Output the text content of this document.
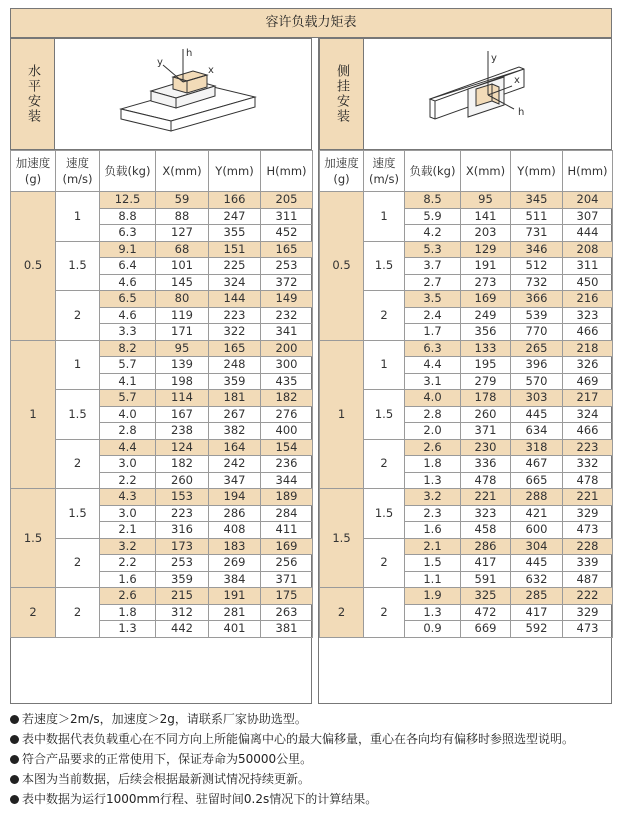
容许负载力矩表
水平安装
h
x
y
侧挂安装
y
x
h
加速度(g)	速度(m/s)	负载(kg)	X(mm)	Y(mm)	H(mm)
0.5	1	12.5	59	166	205
		8.8	88	247	311
		6.3	127	355	452
	1.5	9.1	68	151	165
		6.4	101	225	253
		4.6	145	324	372
	2	6.5	80	144	149
		4.6	119	223	232
		3.3	171	322	341
1	1	8.2	95	165	200
		5.7	139	248	300
		4.1	198	359	435
	1.5	5.7	114	181	182
		4.0	167	267	276
		2.8	238	382	400
	2	4.4	124	164	154
		3.0	182	242	236
		2.2	260	347	344
1.5	1.5	4.3	153	194	189
		3.0	223	286	284
		2.1	316	408	411
	2	3.2	173	183	169
		2.2	253	269	256
		1.6	359	384	371
2	2	2.6	215	191	175
		1.8	312	281	263
		1.3	442	401	381
加速度(g)	速度(m/s)	负载(kg)	X(mm)	Y(mm)	H(mm)
0.5	1	8.5	95	345	204
		5.9	141	511	307
		4.2	203	731	444
	1.5	5.3	129	346	208
		3.7	191	512	311
		2.7	273	732	450
	2	3.5	169	366	216
		2.4	249	539	323
		1.7	356	770	466
1	1	6.3	133	265	218
		4.4	195	396	326
		3.1	279	570	469
	1.5	4.0	178	303	217
		2.8	260	445	324
		2.0	371	634	466
	2	2.6	230	318	223
		1.8	336	467	332
		1.3	478	665	478
1.5	1.5	3.2	221	288	221
		2.3	323	421	329
		1.6	458	600	473
	2	2.1	286	304	228
		1.5	417	445	339
		1.1	591	632	487
2	2	1.9	325	285	222
		1.3	472	417	329
		0.9	669	592	473
若速度＞2m/s，加速度＞2g，请联系厂家协助选型。
表中数据代表负载重心在不同方向上所能偏离中心的最大偏移量，重心在各向均有偏移时参照选型说明。
符合产品要求的正常使用下，保证寿命为50000公里。
本图为当前数据，后续会根据最新测试情况持续更新。
表中数据为运行1000mm行程、驻留时间0.2s情况下的计算结果。
